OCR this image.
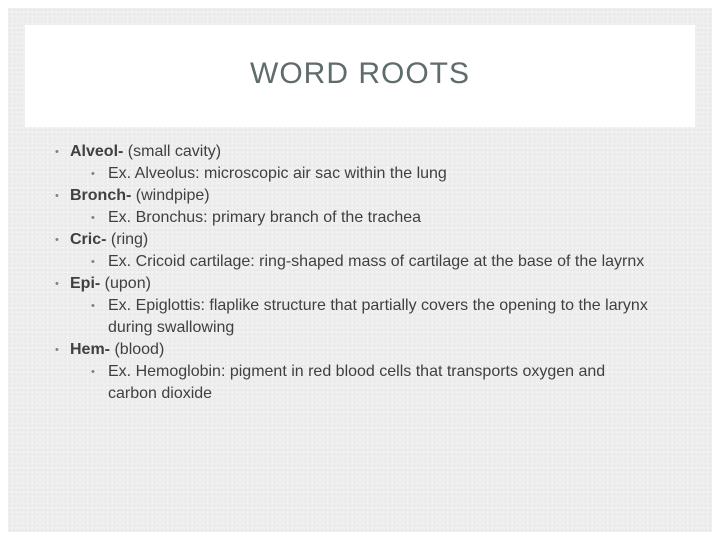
WORD ROOTS
• Alveol- (small cavity)
• Ex. Alveolus: microscopic air sac within the lung
• Bronch- (windpipe)
• Ex. Bronchus: primary branch of the trachea
• Cric- (ring)
• Ex. Cricoid cartilage: ring-shaped mass of cartilage at the base of the layrnx
• Epi- (upon)
• Ex. Epiglottis: flaplike structure that partially covers the opening to the larynx during swallowing
• Hem- (blood)
• Ex. Hemoglobin: pigment in red blood cells that transports oxygen and carbon dioxide
